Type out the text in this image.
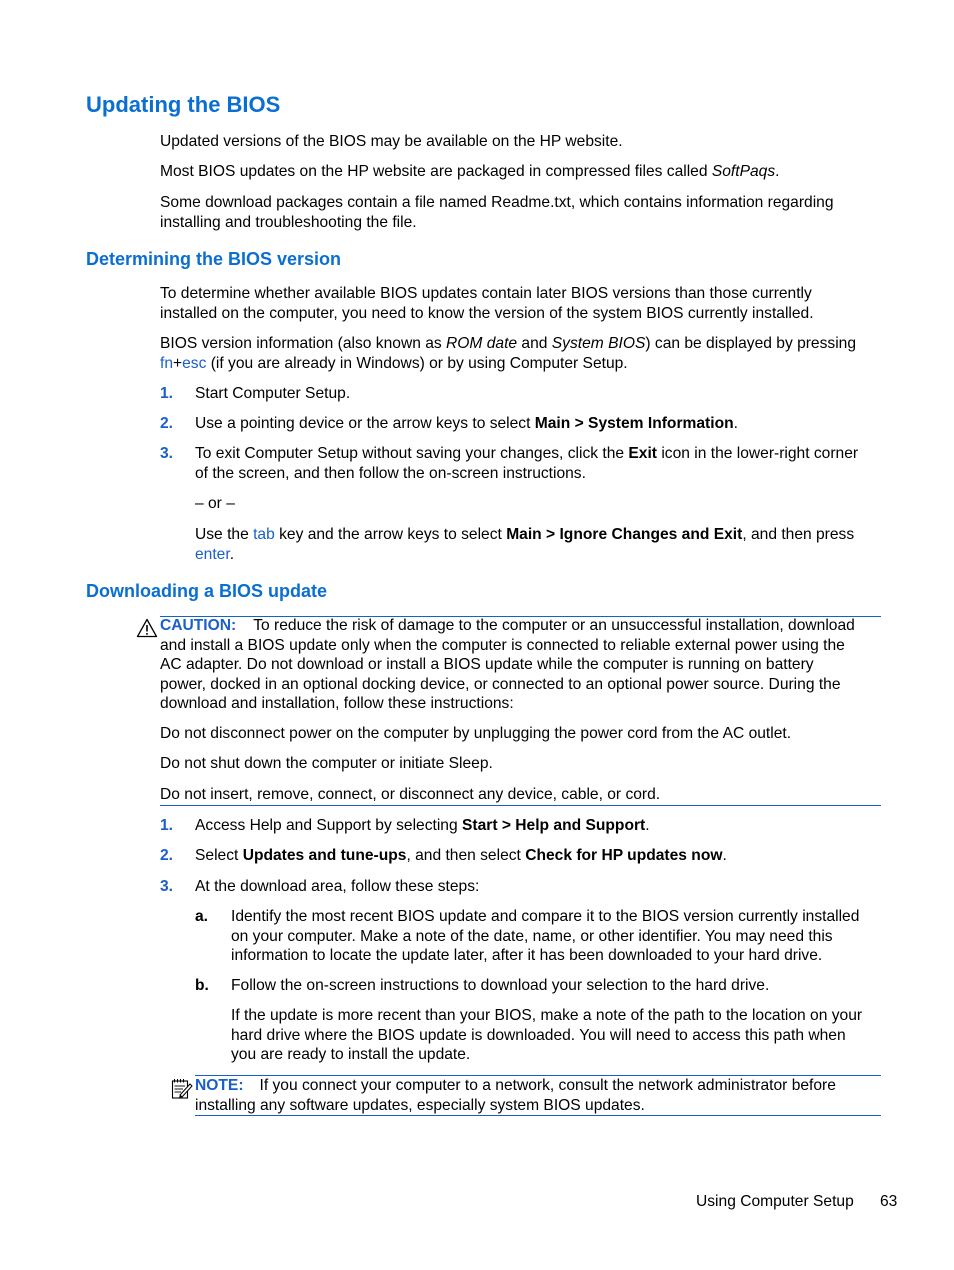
Updating the BIOS

Updated versions of the BIOS may be available on the HP website.

Most BIOS updates on the HP website are packaged in compressed files called SoftPaqs.

Some download packages contain a file named Readme.txt, which contains information regarding
installing and troubleshooting the file.

Determining the BIOS version

To determine whether available BIOS updates contain later BIOS versions than those currently
installed on the computer, you need to know the version of the system BIOS currently installed.

BIOS version information (also known as ROM date and System BIOS) can be displayed by pressing
fn+esc (if you are already in Windows) or by using Computer Setup.

1. Start Computer Setup.

2. Use a pointing device or the arrow keys to select Main > System Information.

3. To exit Computer Setup without saving your changes, click the Exit icon in the lower-right corner
of the screen, and then follow the on-screen instructions.

– or –

Use the tab key and the arrow keys to select Main > Ignore Changes and Exit, and then press
enter.

Downloading a BIOS update

CAUTION: To reduce the risk of damage to the computer or an unsuccessful installation, download
and install a BIOS update only when the computer is connected to reliable external power using the
AC adapter. Do not download or install a BIOS update while the computer is running on battery
power, docked in an optional docking device, or connected to an optional power source. During the
download and installation, follow these instructions:

Do not disconnect power on the computer by unplugging the power cord from the AC outlet.

Do not shut down the computer or initiate Sleep.

Do not insert, remove, connect, or disconnect any device, cable, or cord.

1. Access Help and Support by selecting Start > Help and Support.

2. Select Updates and tune-ups, and then select Check for HP updates now.

3. At the download area, follow these steps:

a. Identify the most recent BIOS update and compare it to the BIOS version currently installed
on your computer. Make a note of the date, name, or other identifier. You may need this
information to locate the update later, after it has been downloaded to your hard drive.

b. Follow the on-screen instructions to download your selection to the hard drive.

If the update is more recent than your BIOS, make a note of the path to the location on your
hard drive where the BIOS update is downloaded. You will need to access this path when
you are ready to install the update.

NOTE: If you connect your computer to a network, consult the network administrator before
installing any software updates, especially system BIOS updates.

Using Computer Setup 63
